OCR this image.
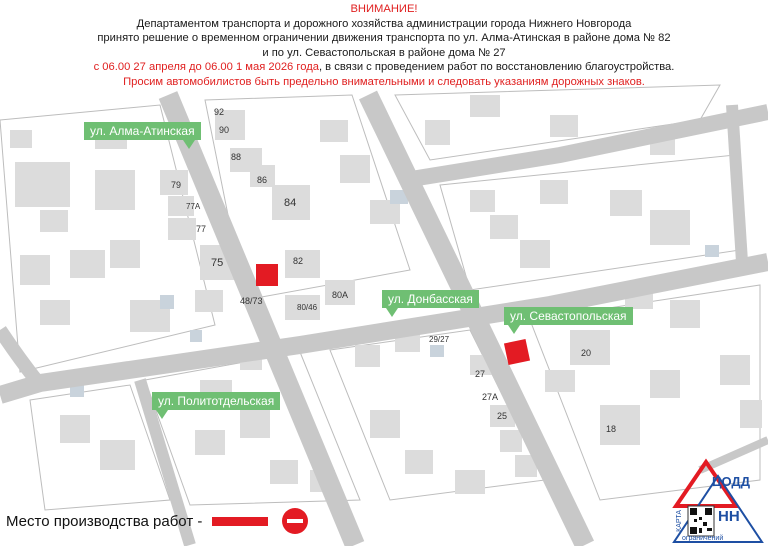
ВНИМАНИЕ!
Департаментом транспорта и дорожного хозяйства администрации города Нижнего Новгорода
принято решение о временном ограничении движения транспорта по ул. Алма-Атинская в районе дома № 82
и по ул. Севастопольская в районе дома № 27
с 06.00 27 апреля до 06.00 1 мая 2026 года, в связи с проведением работ по восстановлению благоустройства.
Просим автомобилистов быть предельно внимательными и следовать указаниям дорожных знаков.
ул. Алма-Атинская
ул. Донбасская
ул. Севастопольская
ул. Политотдельская
92
90
88
86
84
79
77А
77
75	82
48/73
80/46
80А
29/27
27
27А
25
20
18
Место производства работ -
ЦОДД
НН
КАРТА
ограничений
